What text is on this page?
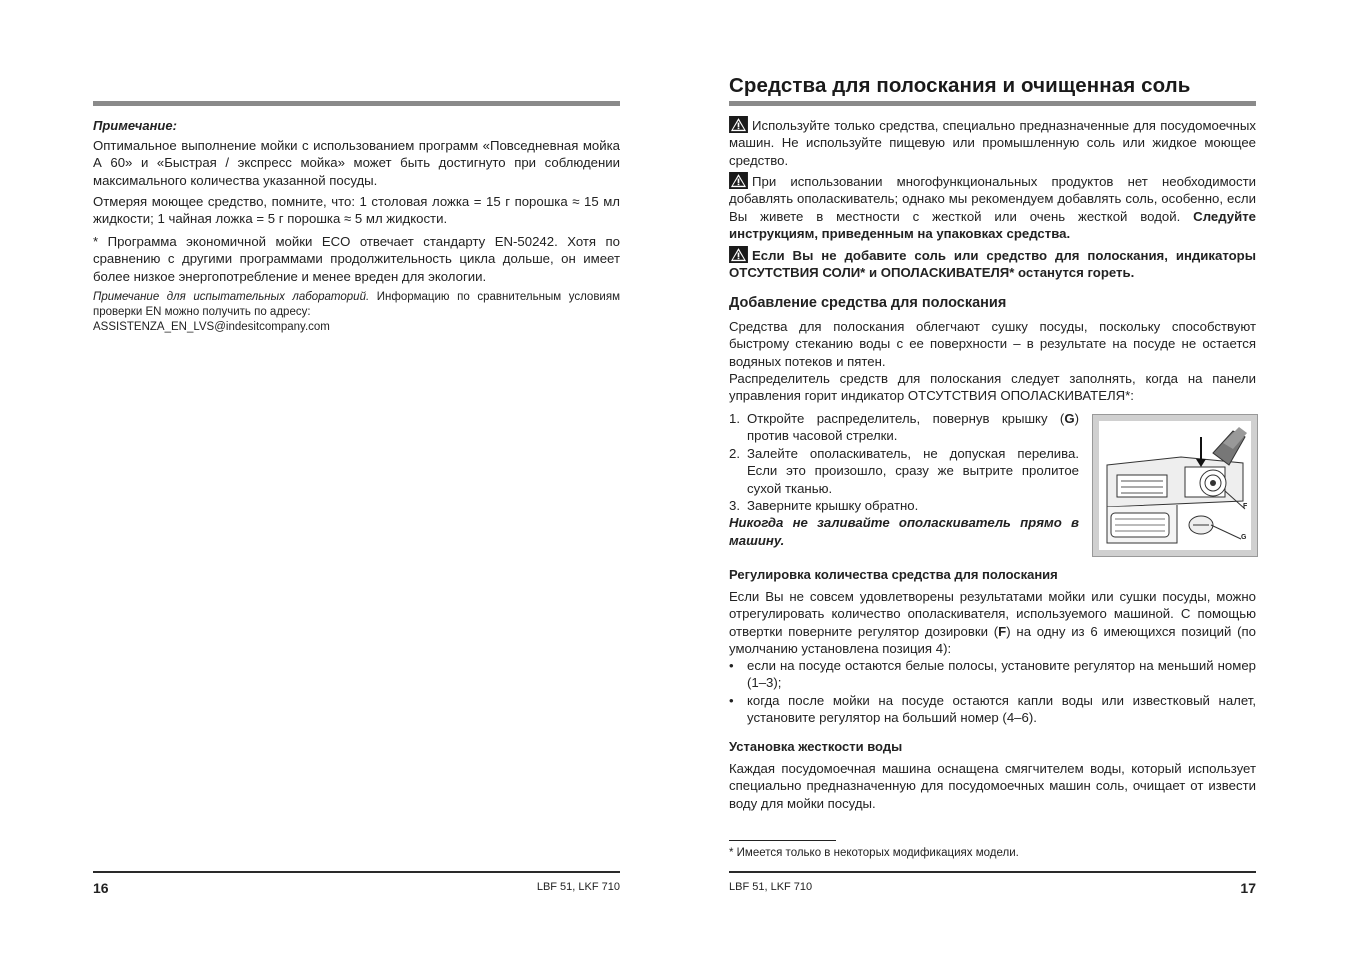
Примечание:

Оптимальное выполнение мойки с использованием программ «Повседневная мойка А 60» и «Быстрая / экспресс мойка» может быть достигнуто при соблюдении максимального количества указанной посуды.

Отмеряя моющее средство, помните, что: 1 столовая ложка = 15 г порошка ≈ 15 мл жидкости; 1 чайная ложка = 5 г порошка ≈ 5 мл жидкости.

* Программа экономичной мойки ECO отвечает стандарту EN-50242. Хотя по сравнению с другими программами продолжительность цикла дольше, он имеет более низкое энергопотребление и менее вреден для экологии.

Примечание для испытательных лабораторий. Информацию по сравнительным условиям проверки EN можно получить по адресу:
ASSISTENZA_EN_LVS@indesitcompany.com

16	LBF 51, LKF 710
Средства для полоскания и очищенная соль

Используйте только средства, специально предназначенные для посудомоечных машин. Не используйте пищевую или промышленную соль или жидкое моющее средство.

При использовании многофункциональных продуктов нет необходимости добавлять ополаскиватель; однако мы рекомендуем добавлять соль, особенно, если Вы живете в местности с жесткой или очень жесткой водой. Следуйте инструкциям, приведенным на упаковках средства.

Если Вы не добавите соль или средство для полоскания, индикаторы ОТСУТСТВИЯ СОЛИ* и ОПОЛАСКИВАТЕЛЯ* останутся гореть.

Добавление средства для полоскания

Средства для полоскания облегчают сушку посуды, поскольку способствуют быстрому стеканию воды с ее поверхности – в результате на посуде не остается водяных потеков и пятен.

Распределитель средств для полоскания следует заполнять, когда на панели управления горит индикатор ОТСУТСТВИЯ ОПОЛАСКИВАТЕЛЯ*:

1. Откройте распределитель, повернув крышку (G) против часовой стрелки.
2. Залейте ополаскиватель, не допуская перелива. Если это произошло, сразу же вытрите пролитое сухой тканью.
3. Заверните крышку обратно.

Никогда не заливайте ополаскиватель прямо в машину.

F
G
Регулировка количества средства для полоскания

Если Вы не совсем удовлетворены результатами мойки или сушки посуды, можно отрегулировать количество ополаскивателя, используемого машиной. С помощью отвертки поверните регулятор дозировки (F) на одну из 6 имеющихся позиций (по умолчанию установлена позиция 4):

• если на посуде остаются белые полосы, установите регулятор на меньший номер (1–3);
• когда после мойки на посуде остаются капли воды или известковый налет, установите регулятор на больший номер (4–6).
Установка жесткости воды

Каждая посудомоечная машина оснащена смягчителем воды, который использует специально предназначенную для посудомоечных машин соль, очищает от извести воду для мойки посуды.

* Имеется только в некоторых модификациях модели.
LBF 51, LKF 710	17
